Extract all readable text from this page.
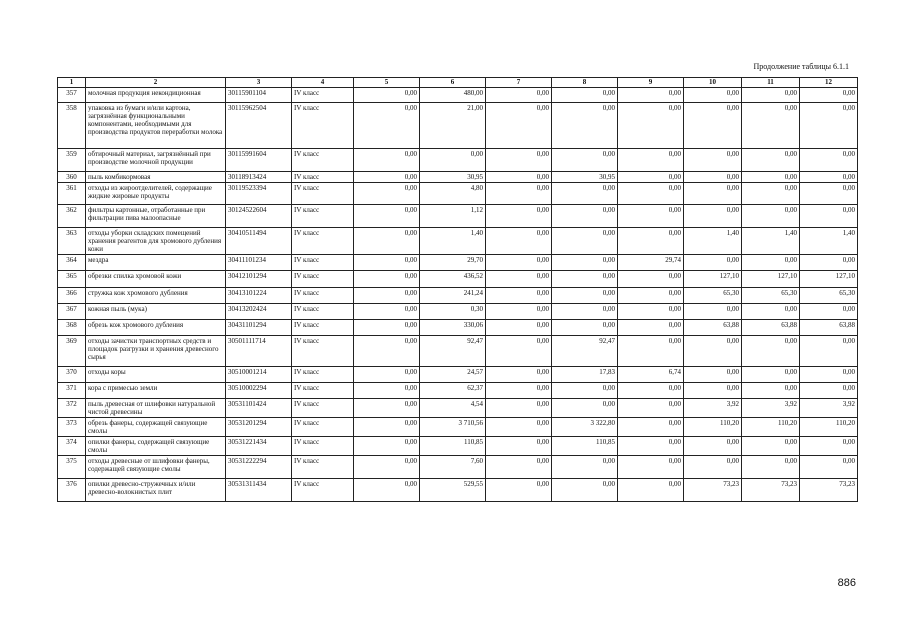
Продолжение таблицы 6.1.1
1	2	3	4	5	6	7	8	9	10	11	12
357	молочная продукция некондиционная	30115901104	IV класс	0,00	480,00	0,00	0,00	0,00	0,00	0,00	0,00
358	упаковка из бумаги и/или картона, загрязнённая функциональными компонентами, необходимыми для производства продуктов переработки молока	30115962504	IV класс	0,00	21,00	0,00	0,00	0,00	0,00	0,00	0,00
359	обтирочный материал, загрязнённый при производстве молочной продукции	30115991604	IV класс	0,00	0,00	0,00	0,00	0,00	0,00	0,00	0,00
360	пыль комбикормовая	30118913424	IV класс	0,00	30,95	0,00	30,95	0,00	0,00	0,00	0,00
361	отходы из жироотделителей, содержащие жидкие жировые продукты	30119523394	IV класс	0,00	4,80	0,00	0,00	0,00	0,00	0,00	0,00
362	фильтры картонные, отработанные при фильтрации пива малоопасные	30124522604	IV класс	0,00	1,12	0,00	0,00	0,00	0,00	0,00	0,00
363	отходы уборки складских помещений хранения реагентов для хромового дубления кожи	30410511494	IV класс	0,00	1,40	0,00	0,00	0,00	1,40	1,40	1,40
364	мездра	30411101234	IV класс	0,00	29,70	0,00	0,00	29,74	0,00	0,00	0,00
365	обрезки спилка хромовой кожи	30412101294	IV класс	0,00	436,52	0,00	0,00	0,00	127,10	127,10	127,10
366	стружка кож хромового дубления	30413101224	IV класс	0,00	241,24	0,00	0,00	0,00	65,30	65,30	65,30
367	кожная пыль (мука)	30413202424	IV класс	0,00	0,30	0,00	0,00	0,00	0,00	0,00	0,00
368	обрезь кож хромового дубления	30431101294	IV класс	0,00	330,06	0,00	0,00	0,00	63,88	63,88	63,88
369	отходы зачистки транспортных средств и площадок разгрузки и хранения древесного сырья	30501111714	IV класс	0,00	92,47	0,00	92,47	0,00	0,00	0,00	0,00
370	отходы коры	30510001214	IV класс	0,00	24,57	0,00	17,83	6,74	0,00	0,00	0,00
371	кора с примесью земли	30510002294	IV класс	0,00	62,37	0,00	0,00	0,00	0,00	0,00	0,00
372	пыль древесная от шлифовки натуральной чистой древесины	30531101424	IV класс	0,00	4,54	0,00	0,00	0,00	3,92	3,92	3,92
373	обрезь фанеры, содержащей связующие смолы	30531201294	IV класс	0,00	3 710,56	0,00	3 322,80	0,00	110,20	110,20	110,20
374	опилки фанеры, содержащей связующие смолы	30531221434	IV класс	0,00	110,85	0,00	110,85	0,00	0,00	0,00	0,00
375	отходы древесные от шлифовки фанеры, содержащей связующие смолы	30531222294	IV класс	0,00	7,60	0,00	0,00	0,00	0,00	0,00	0,00
376	опилки древесно-стружечных и/или древесно-волокнистых плит	30531311434	IV класс	0,00	529,55	0,00	0,00	0,00	73,23	73,23	73,23
886
